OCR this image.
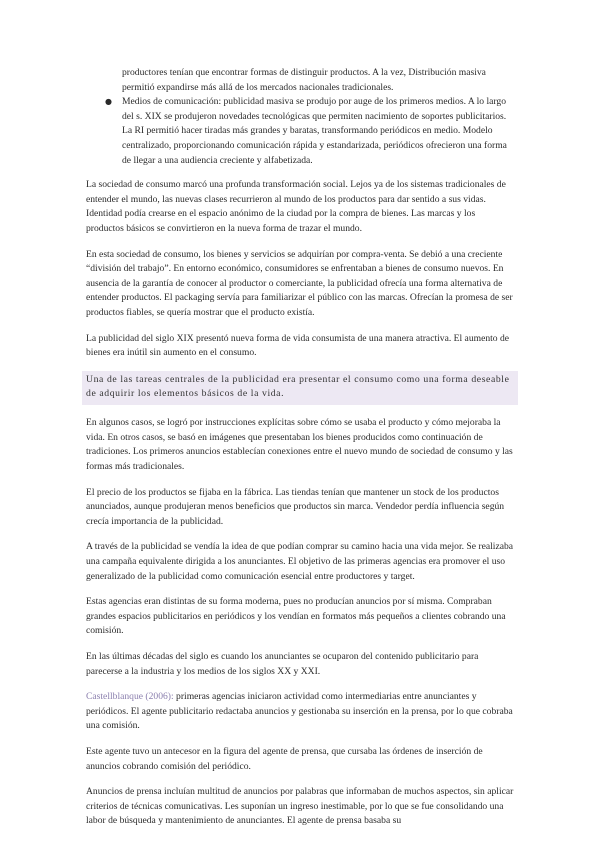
productores tenían que encontrar formas de distinguir productos. A la vez, Distribución masiva permitió expandirse más allá de los mercados nacionales tradicionales.

● Medios de comunicación: publicidad masiva se produjo por auge de los primeros medios. A lo largo del s. XIX se produjeron novedades tecnológicas que permiten nacimiento de soportes publicitarios. La RI permitió hacer tiradas más grandes y baratas, transformando periódicos en medio. Modelo centralizado, proporcionando comunicación rápida y estandarizada, periódicos ofrecieron una forma de llegar a una audiencia creciente y alfabetizada.

La sociedad de consumo marcó una profunda transformación social. Lejos ya de los sistemas tradicionales de entender el mundo, las nuevas clases recurrieron al mundo de los productos para dar sentido a sus vidas. Identidad podía crearse en el espacio anónimo de la ciudad por la compra de bienes. Las marcas y los productos básicos se convirtieron en la nueva forma de trazar el mundo.

En esta sociedad de consumo, los bienes y servicios se adquirían por compra-venta. Se debió a una creciente “división del trabajo”. En entorno económico, consumidores se enfrentaban a bienes de consumo nuevos. En ausencia de la garantía de conocer al productor o comerciante, la publicidad ofrecía una forma alternativa de entender productos. El packaging servía para familiarizar el público con las marcas. Ofrecían la promesa de ser productos fiables, se quería mostrar que el producto existía.

La publicidad del siglo XIX presentó nueva forma de vida consumista de una manera atractiva. El aumento de bienes era inútil sin aumento en el consumo.

Una de las tareas centrales de la publicidad era presentar el consumo como una forma deseable de adquirir los elementos básicos de la vida.

En algunos casos, se logró por instrucciones explícitas sobre cómo se usaba el producto y cómo mejoraba la vida. En otros casos, se basó en imágenes que presentaban los bienes producidos como continuación de tradiciones. Los primeros anuncios establecían conexiones entre el nuevo mundo de sociedad de consumo y las formas más tradicionales.

El precio de los productos se fijaba en la fábrica. Las tiendas tenían que mantener un stock de los productos anunciados, aunque produjeran menos beneficios que productos sin marca. Vendedor perdía influencia según crecía importancia de la publicidad.

A través de la publicidad se vendía la idea de que podían comprar su camino hacia una vida mejor. Se realizaba una campaña equivalente dirigida a los anunciantes. El objetivo de las primeras agencias era promover el uso generalizado de la publicidad como comunicación esencial entre productores y target.

Estas agencias eran distintas de su forma moderna, pues no producían anuncios por sí misma. Compraban grandes espacios publicitarios en periódicos y los vendían en formatos más pequeños a clientes cobrando una comisión.

En las últimas décadas del siglo es cuando los anunciantes se ocuparon del contenido publicitario para parecerse a la industria y los medios de los siglos XX y XXI.

Castellblanque (2006): primeras agencias iniciaron actividad como intermediarias entre anunciantes y periódicos. El agente publicitario redactaba anuncios y gestionaba su inserción en la prensa, por lo que cobraba una comisión.

Este agente tuvo un antecesor en la figura del agente de prensa, que cursaba las órdenes de inserción de anuncios cobrando comisión del periódico.

Anuncios de prensa incluían multitud de anuncios por palabras que informaban de muchos aspectos, sin aplicar criterios de técnicas comunicativas. Les suponían un ingreso inestimable, por lo que se fue consolidando una labor de búsqueda y mantenimiento de anunciantes. El agente de prensa basaba su
